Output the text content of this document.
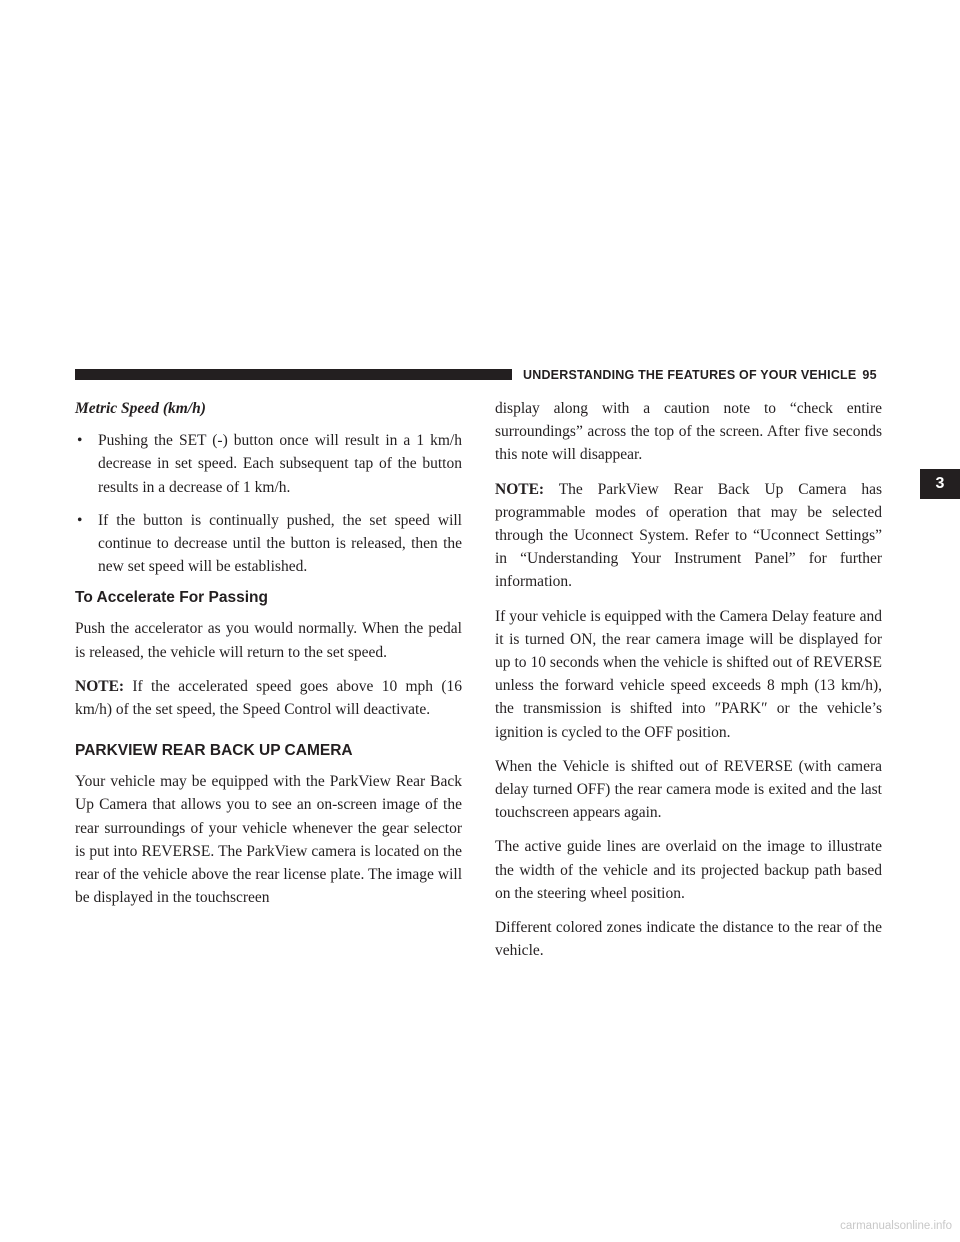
UNDERSTANDING THE FEATURES OF YOUR VEHICLE 95

Metric Speed (km/h)

• Pushing the SET (-) button once will result in a 1 km/h decrease in set speed. Each subsequent tap of the button results in a decrease of 1 km/h.
• If the button is continually pushed, the set speed will continue to decrease until the button is released, then the new set speed will be established.
To Accelerate For Passing

Push the accelerator as you would normally. When the pedal is released, the vehicle will return to the set speed.

NOTE: If the accelerated speed goes above 10 mph (16 km/h) of the set speed, the Speed Control will deactivate.

PARKVIEW REAR BACK UP CAMERA

Your vehicle may be equipped with the ParkView Rear Back Up Camera that allows you to see an on-screen image of the rear surroundings of your vehicle whenever the gear selector is put into REVERSE. The ParkView camera is located on the rear of the vehicle above the rear license plate. The image will be displayed in the touchscreen

display along with a caution note to “check entire surroundings” across the top of the screen. After five seconds this note will disappear.

NOTE: The ParkView Rear Back Up Camera has programmable modes of operation that may be selected through the Uconnect System. Refer to “Uconnect Settings” in “Understanding Your Instrument Panel” for further information.

If your vehicle is equipped with the Camera Delay feature and it is turned ON, the rear camera image will be displayed for up to 10 seconds when the vehicle is shifted out of REVERSE unless the forward vehicle speed exceeds 8 mph (13 km/h), the transmission is shifted into ″PARK″ or the vehicle’s ignition is cycled to the OFF position.

When the Vehicle is shifted out of REVERSE (with camera delay turned OFF) the rear camera mode is exited and the last touchscreen appears again.

The active guide lines are overlaid on the image to illustrate the width of the vehicle and its projected backup path based on the steering wheel position.

Different colored zones indicate the distance to the rear of the vehicle.

3
carmanualsonline.info
